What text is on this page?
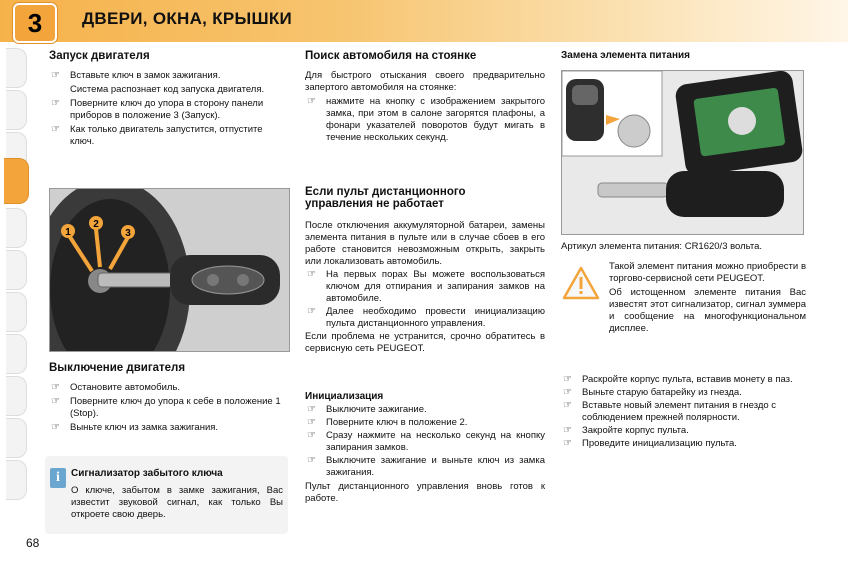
3	ДВЕРИ, ОКНА, КРЫШКИ
Запуск двигателя
☞ Вставьте ключ в замок зажигания.

Система распознает код запуска двигателя.

☞ Поверните ключ до упора в сторону панели приборов в положение 3 (Запуск).
☞ Как только двигатель запустится, отпустите ключ.
1
2
3
Выключение двигателя
☞ Остановите автомобиль.
☞ Поверните ключ до упора к себе в положение 1 (Stop).
☞ Выньте ключ из замка зажигания.
i	Сигнализатор забытого ключа

О ключе, забытом в замке зажигания, Вас известит звуковой сигнал, как только Вы откроете свою дверь.

68
Поиск автомобиля на стоянке

Для быстрого отыскания своего предварительно запертого автомобиля на стоянке:

☞ нажмите на кнопку с изображением закрытого замка, при этом в салоне загорятся плафоны, а фонари указателей поворотов будут мигать в течение нескольких секунд.
Если пульт дистанционного
управления не работает

После отключения аккумуляторной батареи, замены элемента питания в пульте или в случае сбоев в его работе становится невозможным открыть, закрыть или локализовать автомобиль.

☞ На первых порах Вы можете воспользоваться ключом для отпирания и запирания замков на автомобиле.
☞ Далее необходимо провести инициализацию пульта дистанционного управления.

Если проблема не устранится, срочно обратитесь в сервисную сеть PEUGEOT.

Инициализация
☞ Выключите зажигание.
☞ Поверните ключ в положение 2.
☞ Сразу нажмите на несколько секунд на кнопку запирания замков.
☞ Выключите зажигание и выньте ключ из замка зажигания.

Пульт дистанционного управления вновь готов к работе.

Замена элемента питания

Артикул элемента питания: CR1620/3 вольта.

Такой элемент питания можно приобрести в торгово-сервисной сети PEUGEOT.

Об истощенном элементе питания Вас известят этот сигнализатор, сигнал зуммера и сообщение на многофункциональном дисплее.

☞ Раскройте корпус пульта, вставив монету в паз.
☞ Выньте старую батарейку из гнезда.
☞ Вставьте новый элемент питания в гнездо с соблюдением прежней полярности.
☞ Закройте корпус пульта.
☞ Проведите инициализацию пульта.
